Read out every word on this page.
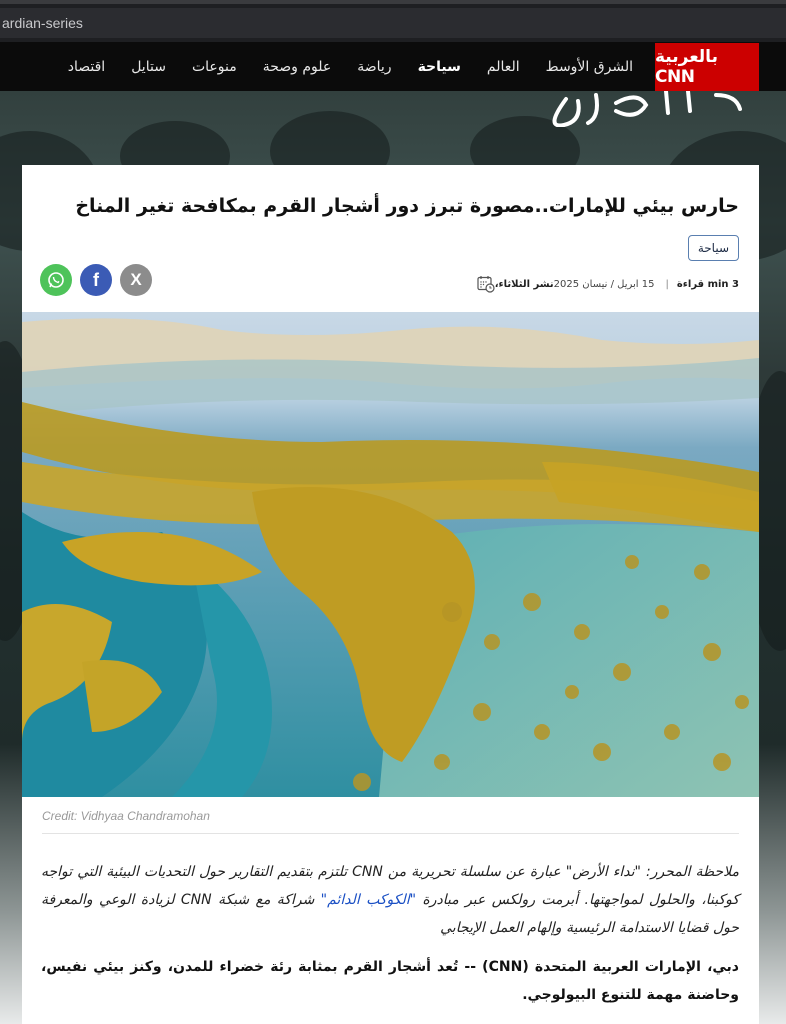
ardian-series
بالعربية CNN
الشرق الأوسط
العالم
سياحة
رياضة
علوم وصحة
منوعات
ستايل
اقتصاد
حارس بيئي للإمارات..مصورة تبرز دور أشجار القرم بمكافحة تغير المناخ
سياحة
نشر الثلاثاء، 15 ابريل / نيسان 2025 | 3 min قراءة
f X
Credit: Vidhyaa Chandramohan

ملاحظة المحرر: "نداء الأرض" عبارة عن سلسلة تحريرية من CNN تلتزم بتقديم التقارير حول التحديات البيئية التي تواجه كوكبنا، والحلول لمواجهتها. أبرمت رولكس عبر مبادرة "الكوكب الدائم" شراكة مع شبكة CNN لزيادة الوعي والمعرفة حول قضايا الاستدامة الرئيسية وإلهام العمل الإيجابي

دبي، الإمارات العربية المتحدة (CNN) -- تُعد أشجار القرم بمثابة رئة خضراء للمدن، وكنز بيئي نفيس، وحاضنة مهمة للتنوع البيولوجي.
